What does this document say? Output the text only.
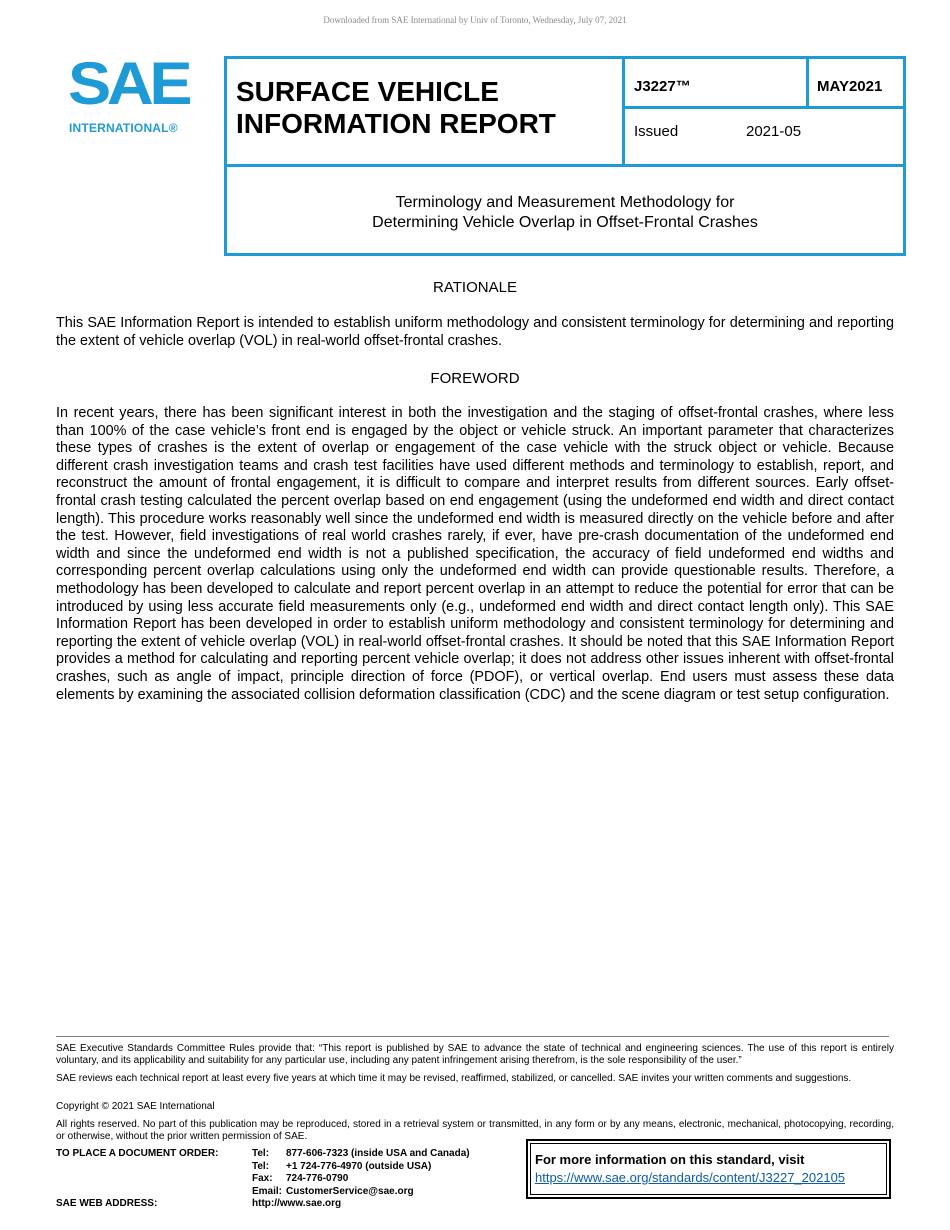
Downloaded from SAE International by Univ of Toronto, Wednesday, July 07, 2021
SAE
INTERNATIONAL®
SURFACE VEHICLE
INFORMATION REPORT
J3227™	MAY2021
Issued	2021-05
Terminology and Measurement Methodology for
Determining Vehicle Overlap in Offset-Frontal Crashes
RATIONALE
This SAE Information Report is intended to establish uniform methodology and consistent terminology for determining and reporting the extent of vehicle overlap (VOL) in real-world offset-frontal crashes.
FOREWORD
In recent years, there has been significant interest in both the investigation and the staging of offset-frontal crashes, where less than 100% of the case vehicle’s front end is engaged by the object or vehicle struck. An important parameter that characterizes these types of crashes is the extent of overlap or engagement of the case vehicle with the struck object or vehicle. Because different crash investigation teams and crash test facilities have used different methods and terminology to establish, report, and reconstruct the amount of frontal engagement, it is difficult to compare and interpret results from different sources. Early offset-frontal crash testing calculated the percent overlap based on end engagement (using the undeformed end width and direct contact length). This procedure works reasonably well since the undeformed end width is measured directly on the vehicle before and after the test. However, field investigations of real world crashes rarely, if ever, have pre-crash documentation of the undeformed end width and since the undeformed end width is not a published specification, the accuracy of field undeformed end widths and corresponding percent overlap calculations using only the undeformed end width can provide questionable results. Therefore, a methodology has been developed to calculate and report percent overlap in an attempt to reduce the potential for error that can be introduced by using less accurate field measurements only (e.g., undeformed end width and direct contact length only). This SAE Information Report has been developed in order to establish uniform methodology and consistent terminology for determining and reporting the extent of vehicle overlap (VOL) in real-world offset-frontal crashes. It should be noted that this SAE Information Report provides a method for calculating and reporting percent vehicle overlap; it does not address other issues inherent with offset-frontal crashes, such as angle of impact, principle direction of force (PDOF), or vertical overlap. End users must assess these data elements by examining the associated collision deformation classification (CDC) and the scene diagram or test setup configuration.
SAE Executive Standards Committee Rules provide that: “This report is published by SAE to advance the state of technical and engineering sciences. The use of this report is entirely voluntary, and its applicability and suitability for any particular use, including any patent infringement arising therefrom, is the sole responsibility of the user.”
SAE reviews each technical report at least every five years at which time it may be revised, reaffirmed, stabilized, or cancelled. SAE invites your written comments and suggestions.
Copyright © 2021 SAE International
All rights reserved. No part of this publication may be reproduced, stored in a retrieval system or transmitted, in any form or by any means, electronic, mechanical, photocopying, recording, or otherwise, without the prior written permission of SAE.
TO PLACE A DOCUMENT ORDER:	Tel: 877-606-7323 (inside USA and Canada)
Tel: +1 724-776-4970 (outside USA)
Fax: 724-776-0790
Email: CustomerService@sae.org
SAE WEB ADDRESS:	http://www.sae.org
For more information on this standard, visit
https://www.sae.org/standards/content/J3227_202105
